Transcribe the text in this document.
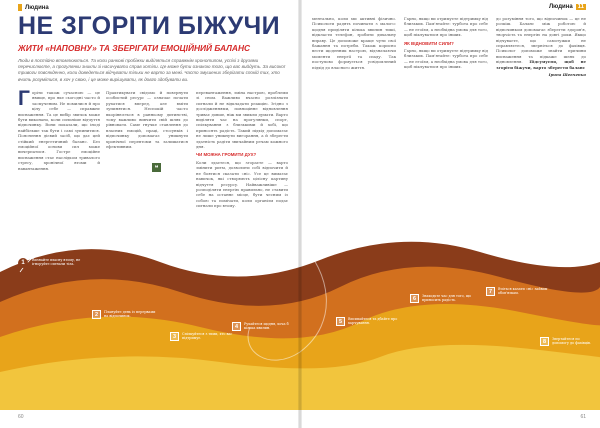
Людина
НЕ ЗГОРІТИ БІЖУЧИ
ЖИТИ «НАПОВНУ» ТА ЗБЕРІГАТИ ЕМОЦІЙНИЙ БАЛАНС
Люди в постійно втомлюються. Та коли ранкові пробіжки виділяться справжнім хронотипом, успіхі з друзями перечислюєте, а прогулянки зникли зі насичувати справ хотіли. Це може бути ознакою того, що вас вийдуть. За високої тривоги повсякденно, коли доведеться відчувати тільки не варто за межі. Часто змушених зберігати спокій тих, хто вчить розумітися, в хоч у свою, і це може вирішувати, як довго здобувати ви.
Г оріти також сучасною — це явище, про яке сьогодні часто й засмученим. Не помилися й про цілу себе — справжнє виснаження. Та це вибір звичок може бути виконано, коли сильніше відчуття відпочинку. Вони показали, що іноді найбільше так бути і самі зупинитися. Пояснення дієвий засіб, що дає цей стійкий енергетичний баланс. Без емоційної основи сил може вичерпатися. Гостре емоційне виснаження стає наслідком тривалого стресу, хронічної втоми й навантаження.
Практикувати свідомо й повернути особистий ресурс — означає почати рухатися вперед, але вміти зупинятися. Неспокій часто вкорінюється в ранньому дитинстві, тому важливо вивчити свій шлях до рівноваги. Саме гнучке ставлення до власних емоцій, праці, стосунків і відпочинку допомагає уникнути хронічної перевтоми та залишатися ефективним.
перевантаження, зміна настрою, проблеми зі сном. Важливо вчасно розпізнати сигнали й не відкладати реакцію. Згідно з дослідженнями, повноцінне відновлення триває довше, ніж ми звикли думати. Варто виділяти час на прогулянки, спорт, спілкування з близькими й хобі, що приносять радість. Такий підхід допомагає не лише уникнути вигорання, а й зберегти здатність радіти звичайним речам кожного дня.
ЧИ МОЖНА ГРОМИТИ ДУХ?
Коли здаєтеся, що згораєте — варто змінити ритм, дозволити собі відпочити й не боятися сказати «ні». Усе це вимагає навичок, які створюють цілісну картину відчуття ресурсу. Найважливіше — розподіляти енергію правильно, не ставити себе на останнє місце, бути чесним із собою та помічати, коли організм подає сигнали про втому.
❝
60
Людина 11
ментально, коли ми активні фізично. Психологи радять починати з малого: щодня приділяти кілька хвилин тиші, відкласти телефон, зробити дихальну вправу. Це допоможе краще чути свої бажання та потреби. Також корисно вести щоденник настрою, відзначаючи моменти енергії та спаду. Так поступово формується усвідомлений підхід до власного життя.
Гарно, якщо ви отримуєте підтримку від близьких. Пам'ятайте: турбота про себе — не егоїзм, а необхідна умова для того, щоб піклуватися про інших.
ЯК ВІДНОВИТИ СИЛИ?
Гарно, якщо ви отримуєте підтримку від близьких. Пам'ятайте: турбота про себе — не егоїзм, а необхідна умова для того, щоб піклуватися про інших.
до розуміння того, що відпочинок — це не розкіш. Баланс між роботою й відпочинком допомагає зберегти здоров'я, творчість та енергію на довгі роки. Якщо відчуваєте, що самотужки не справляєтеся, зверніться до фахівця. Психолог допоможе знайти причини виснаження та підкаже шлях до відновлення. Підсумуємо, щоб не згоріти біжучи, варто зберегти баланс
Ірина Шевченко
61
1	Визнайте власну втому, не ігноруйте сигнали тіла.
2	Плануйте день із перервами на відпочинок.
3	Спілкуйтеся з тими, хто вас підтримує.
4	Рухайтеся щодня, хоча б кілька хвилин.
5	Висипайтеся та дбайте про харчування.
6	Знаходьте час для того, що приносить радість.
7	Вчіться казати «ні» зайвим обов'язкам.
8	Звертайтеся по допомогу до фахівців.
